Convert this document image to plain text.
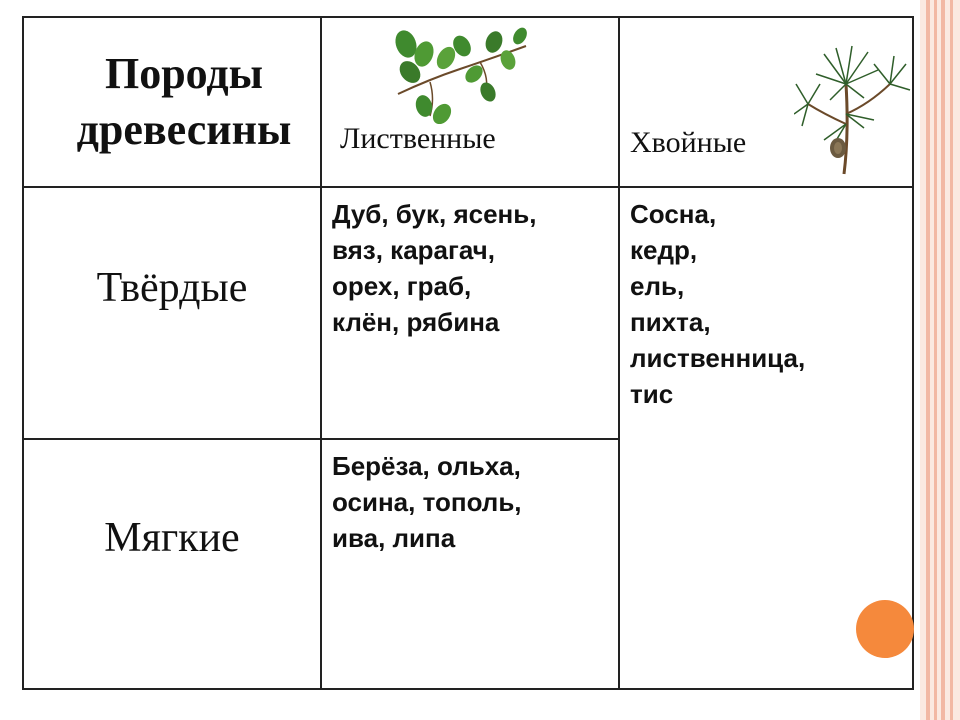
Породы древесины	Лиственные	Хвойные
Твёрдые
Мягкие
Дуб, бук, ясень,
вяз, карагач,
орех, граб,
клён, рябина
Берёза, ольха,
осина, тополь,
ива, липа
Сосна,
кедр,
ель,
пихта,
лиственница,
тис
